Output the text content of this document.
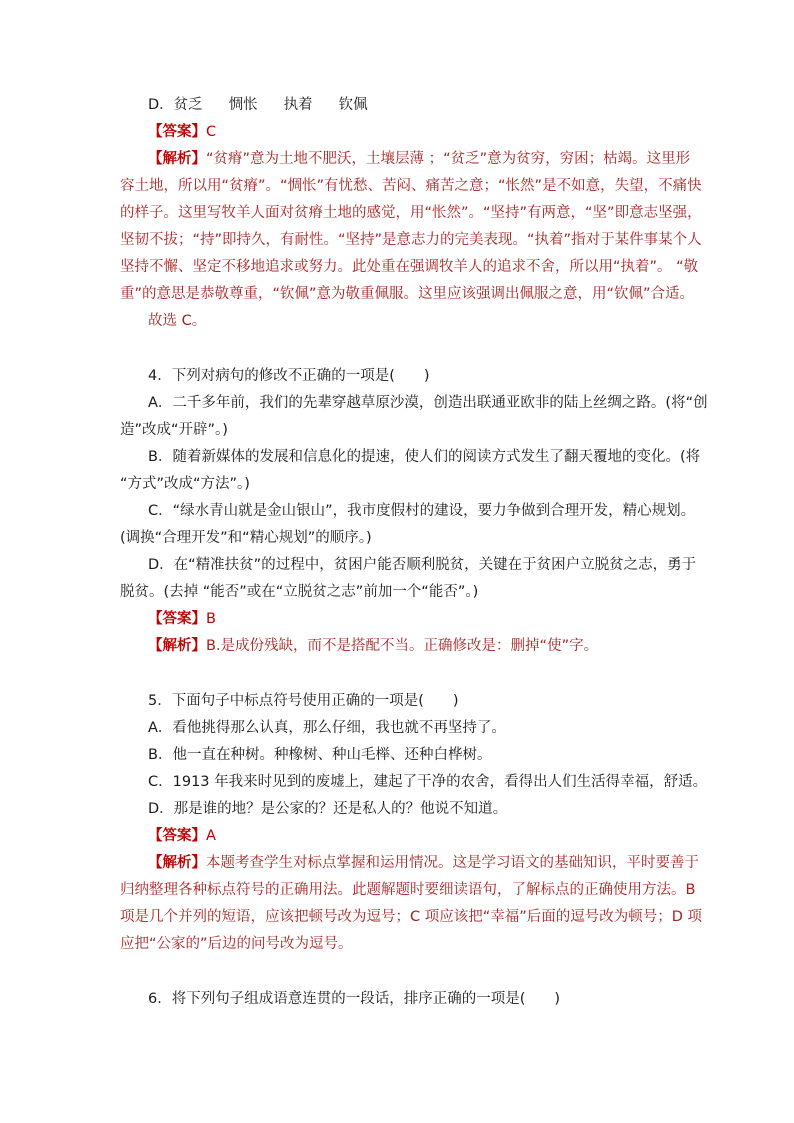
D．贫乏 惆怅 执着 钦佩
【答案】C
【解析】“贫瘠”意为土地不肥沃，土壤层薄 ；“贫乏”意为贫穷，穷困；枯竭。这里形
容土地，所以用“贫瘠”。“惆怅”有忧愁、苦闷、痛苦之意；“怅然”是不如意，失望，不痛快
的样子。这里写牧羊人面对贫瘠土地的感觉，用“怅然”。“坚持”有两意，“坚”即意志坚强，
坚韧不拔；“持”即持久，有耐性。“坚持”是意志力的完美表现。“执着”指对于某件事某个人
坚持不懈、坚定不移地追求或努力。此处重在强调牧羊人的追求不舍，所以用“执着”。 “敬
重”的意思是恭敬尊重，“钦佩”意为敬重佩服。这里应该强调出佩服之意，用“钦佩”合适。
故选 C。
4．下列对病句的修改不正确的一项是(　　)
A．二千多年前，我们的先辈穿越草原沙漠，创造出联通亚欧非的陆上丝绸之路。(将“创
造”改成“开辟”。)
B．随着新媒体的发展和信息化的提速，使人们的阅读方式发生了翻天覆地的变化。(将
“方式”改成“方法”。)
C．“绿水青山就是金山银山”，我市度假村的建设，要力争做到合理开发，精心规划。
(调换“合理开发”和“精心规划”的顺序。)
D．在“精准扶贫”的过程中，贫困户能否顺利脱贫，关键在于贫困户立脱贫之志，勇于
脱贫。(去掉 “能否”或在“立脱贫之志”前加一个“能否”。)
【答案】B
【解析】B.是成份残缺，而不是搭配不当。正确修改是：删掉“使”字。
5．下面句子中标点符号使用正确的一项是(　　)
A．看他挑得那么认真，那么仔细，我也就不再坚持了。
B．他一直在种树。种橡树、种山毛榉、还种白桦树。
C．1913 年我来时见到的废墟上，建起了干净的农舍，看得出人们生活得幸福，舒适。
D．那是谁的地？是公家的？还是私人的？他说不知道。
【答案】A
【解析】本题考查学生对标点掌握和运用情况。这是学习语文的基础知识，平时要善于
归纳整理各种标点符号的正确用法。此题解题时要细读语句，了解标点的正确使用方法。B
项是几个并列的短语，应该把顿号改为逗号；C 项应该把“幸福”后面的逗号改为顿号；D 项
应把“公家的”后边的问号改为逗号。
6．将下列句子组成语意连贯的一段话，排序正确的一项是(　　)
